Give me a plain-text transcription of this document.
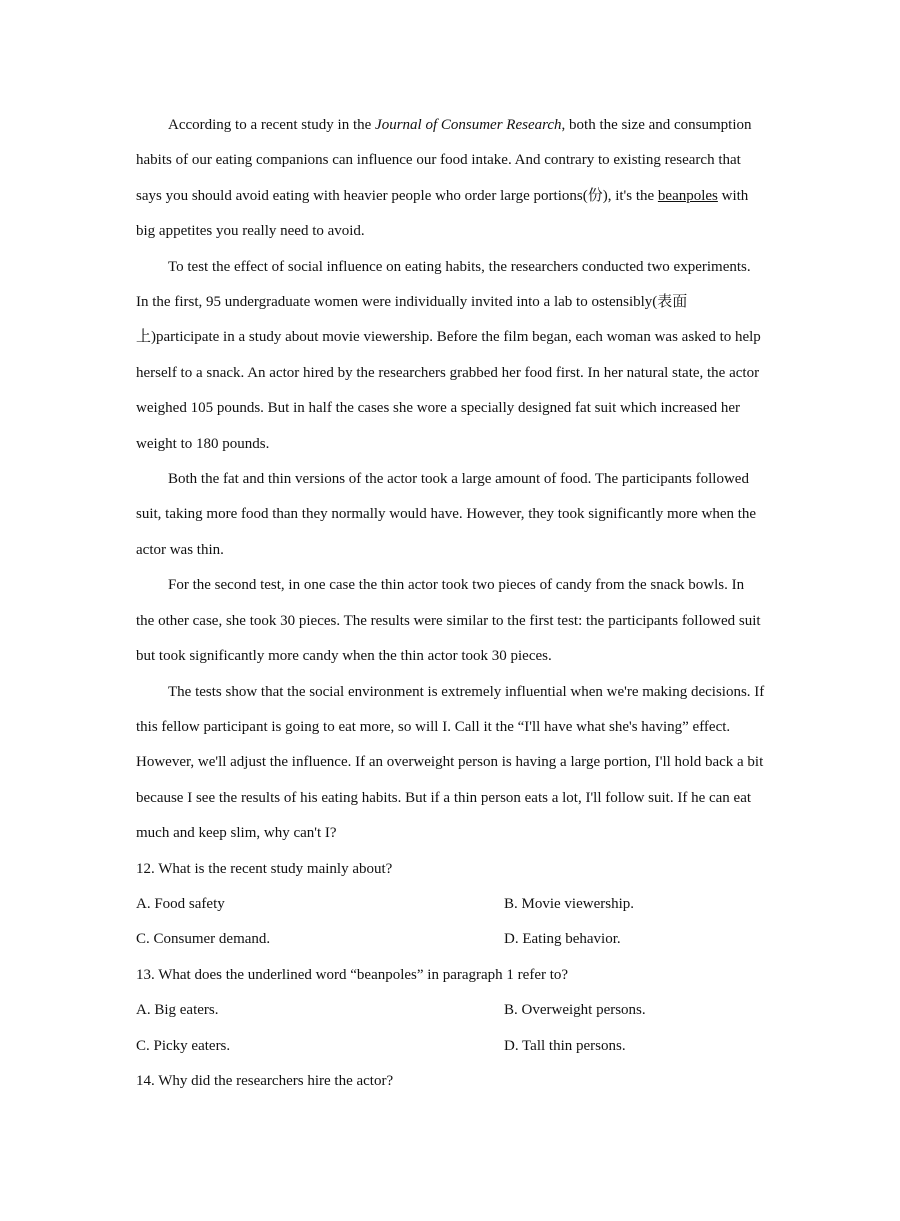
According to a recent study in the Journal of Consumer Research, both the size and consumption habits of our eating companions can influence our food intake. And contrary to existing research that says you should avoid eating with heavier people who order large portions(份), it's the beanpoles with big appetites you really need to avoid.

To test the effect of social influence on eating habits, the researchers conducted two experiments. In the first, 95 undergraduate women were individually invited into a lab to ostensibly(表面上)participate in a study about movie viewership. Before the film began, each woman was asked to help herself to a snack. An actor hired by the researchers grabbed her food first. In her natural state, the actor weighed 105 pounds. But in half the cases she wore a specially designed fat suit which increased her weight to 180 pounds.

Both the fat and thin versions of the actor took a large amount of food. The participants followed suit, taking more food than they normally would have. However, they took significantly more when the actor was thin.

For the second test, in one case the thin actor took two pieces of candy from the snack bowls. In the other case, she took 30 pieces. The results were similar to the first test: the participants followed suit but took significantly more candy when the thin actor took 30 pieces.

The tests show that the social environment is extremely influential when we're making decisions. If this fellow participant is going to eat more, so will I. Call it the “I'll have what she's having” effect. However, we'll adjust the influence. If an overweight person is having a large portion, I'll hold back a bit because I see the results of his eating habits. But if a thin person eats a lot, I'll follow suit. If he can eat much and keep slim, why can't I?

12. What is the recent study mainly about?

A. Food safety	B. Movie viewership.
C. Consumer demand.	D. Eating behavior.

13. What does the underlined word “beanpoles” in paragraph 1 refer to?

A. Big eaters.	B. Overweight persons.
C. Picky eaters.	D. Tall thin persons.

14. Why did the researchers hire the actor?
